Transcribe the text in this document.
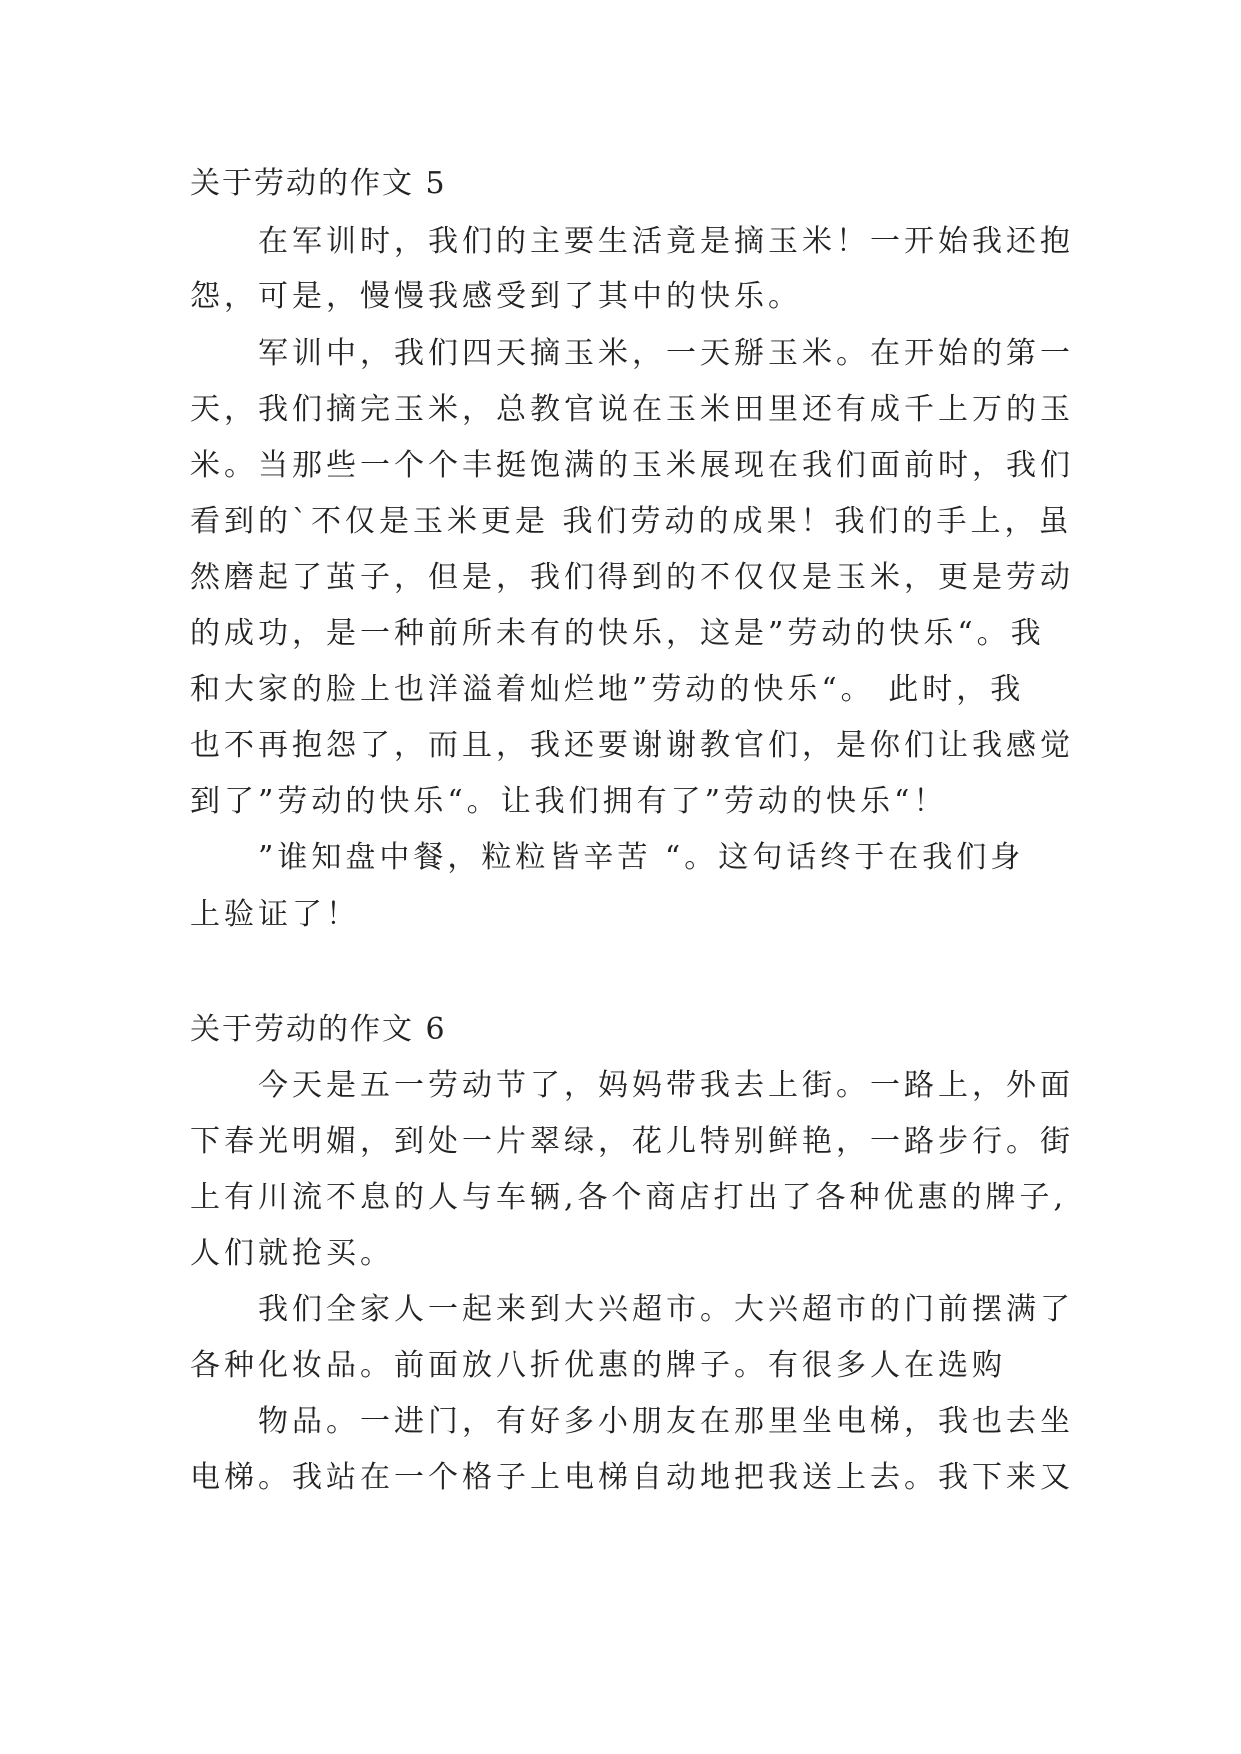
关于劳动的作文 5
在军训时，我们的主要生活竟是摘玉米！一开始我还抱
怨，可是，慢慢我感受到了其中的快乐。
军训中，我们四天摘玉米，一天掰玉米。在开始的第一
天，我们摘完玉米，总教官说在玉米田里还有成千上万的玉
米。当那些一个个丰挺饱满的玉米展现在我们面前时，我们
看到的`不仅是玉米更是 我们劳动的成果！我们的手上，虽
然磨起了茧子，但是，我们得到的不仅仅是玉米，更是劳动
的成功，是一种前所未有的快乐，这是”劳动的快乐“。我
和大家的脸上也洋溢着灿烂地”劳动的快乐“。 此时，我
也不再抱怨了，而且，我还要谢谢教官们，是你们让我感觉
到了”劳动的快乐“。让我们拥有了”劳动的快乐“！
”谁知盘中餐，粒粒皆辛苦 “。这句话终于在我们身
上验证了！
关于劳动的作文 6
今天是五一劳动节了，妈妈带我去上街。一路上，外面
下春光明媚，到处一片翠绿，花儿特别鲜艳，一路步行。街
上有川流不息的人与车辆,各个商店打出了各种优惠的牌子,
人们就抢买。
我们全家人一起来到大兴超市。大兴超市的门前摆满了
各种化妆品。前面放八折优惠的牌子。有很多人在选购
物品。一进门，有好多小朋友在那里坐电梯，我也去坐
电梯。我站在一个格子上电梯自动地把我送上去。我下来又
